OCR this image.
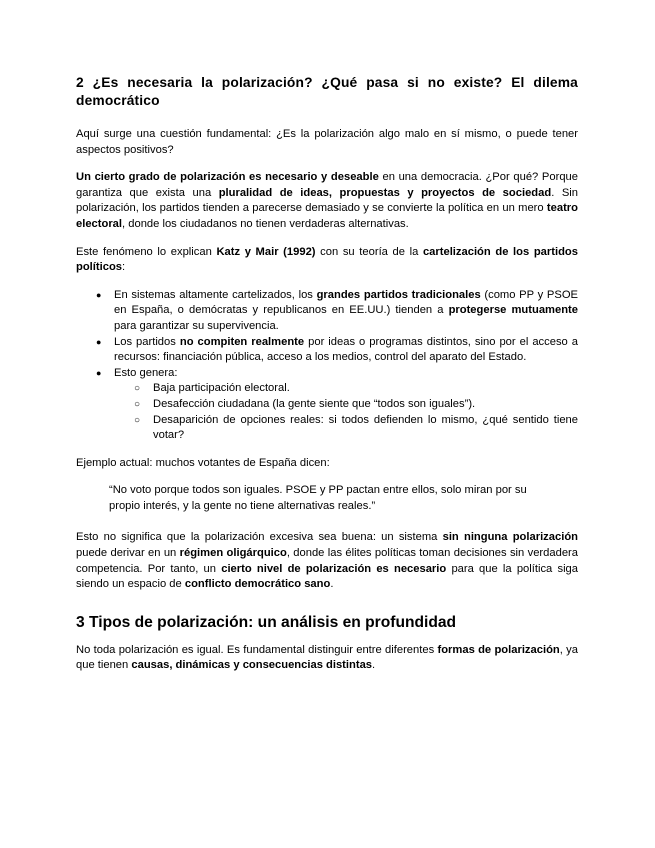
2 ¿Es necesaria la polarización? ¿Qué pasa si no existe? El dilema democrático

Aquí surge una cuestión fundamental: ¿Es la polarización algo malo en sí mismo, o puede tener aspectos positivos?

Un cierto grado de polarización es necesario y deseable en una democracia. ¿Por qué? Porque garantiza que exista una pluralidad de ideas, propuestas y proyectos de sociedad. Sin polarización, los partidos tienden a parecerse demasiado y se convierte la política en un mero teatro electoral, donde los ciudadanos no tienen verdaderas alternativas.

Este fenómeno lo explican Katz y Mair (1992) con su teoría de la cartelización de los partidos políticos:

● En sistemas altamente cartelizados, los grandes partidos tradicionales (como PP y PSOE en España, o demócratas y republicanos en EE.UU.) tienden a protegerse mutuamente para garantizar su supervivencia.
● Los partidos no compiten realmente por ideas o programas distintos, sino por el acceso a recursos: financiación pública, acceso a los medios, control del aparato del Estado.
● Esto genera:
○ Baja participación electoral.
○ Desafección ciudadana (la gente siente que “todos son iguales”).
○ Desaparición de opciones reales: si todos defienden lo mismo, ¿qué sentido tiene votar?

Ejemplo actual: muchos votantes de España dicen:

“No voto porque todos son iguales. PSOE y PP pactan entre ellos, solo miran por su propio interés, y la gente no tiene alternativas reales.”

Esto no significa que la polarización excesiva sea buena: un sistema sin ninguna polarización puede derivar en un régimen oligárquico, donde las élites políticas toman decisiones sin verdadera competencia. Por tanto, un cierto nivel de polarización es necesario para que la política siga siendo un espacio de conflicto democrático sano.

3 Tipos de polarización: un análisis en profundidad

No toda polarización es igual. Es fundamental distinguir entre diferentes formas de polarización, ya que tienen causas, dinámicas y consecuencias distintas.
